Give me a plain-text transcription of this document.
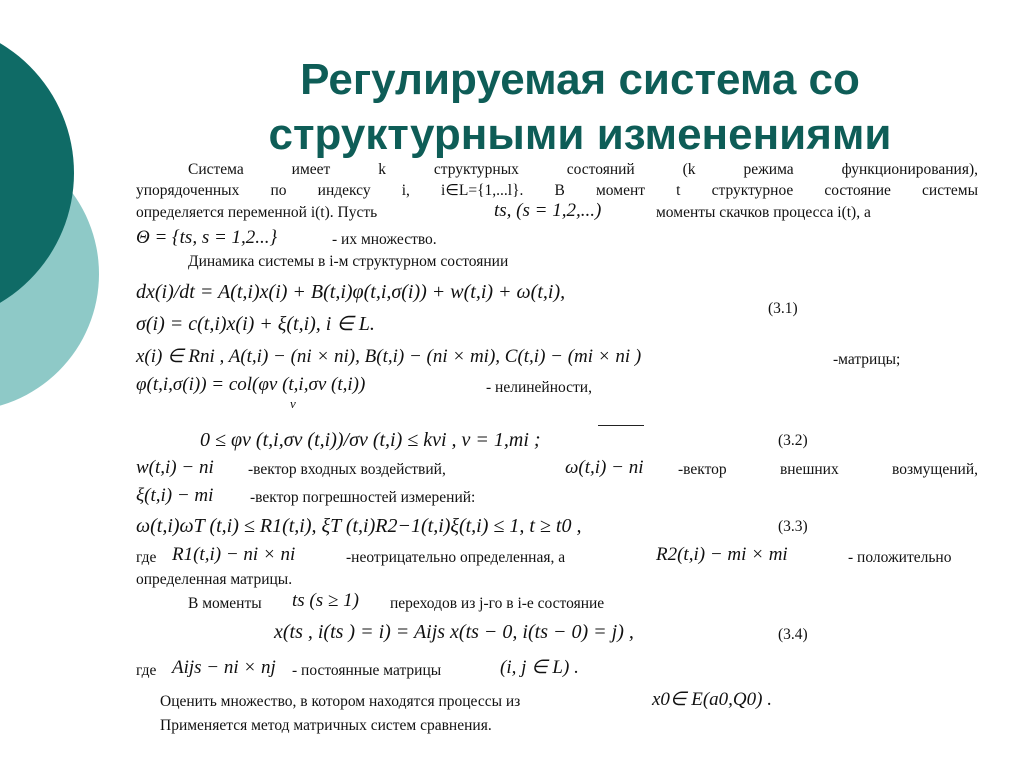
Регулируемая система со
структурными изменениями
Система имеет k структурных состояний (k режима функционирования),
упорядоченных по индексу i, i∈L={1,...l}. В момент t структурное состояние системы
определяется переменной i(t). Пусть	ts, (s = 1,2,...)	моменты скачков процесса i(t), а
Θ = {ts, s = 1,2...}	- их множество.
Динамика системы в i-м структурном состоянии
dx(i)/dt = A(t,i)x(i) + B(t,i)φ(t,i,σ(i)) + w(t,i) + ω(t,i),
σ(i) = c(t,i)x(i) + ξ(t,i), i ∈ L.
(3.1)
x(i) ∈ Rni , A(t,i) − (ni × ni), B(t,i) − (ni × mi), C(t,i) − (mi × ni )	-матрицы;
φ(t,i,σ(i)) = col(φν (t,i,σν (t,i))
ν
- нелинейности,
0 ≤ φν (t,i,σν (t,i))/σν (t,i) ≤ kνi , ν = 1,mi ;	(3.2)
w(t,i) − ni -вектор входных воздействий,	ω(t,i) − ni -вектор внешних возмущений,
ξ(t,i) − mi -вектор погрешностей измерений:
ω(t,i)ωT (t,i) ≤ R1(t,i), ξT (t,i)R2−1(t,i)ξ(t,i) ≤ 1, t ≥ t0 ,	(3.3)
где R1(t,i) − ni × ni	-неотрицательно определенная, а	R2(t,i) − mi × mi	- положительно
определенная матрицы.
В моменты ts (s ≥ 1) переходов из j-го в i-е состояние
x(ts , i(ts ) = i) = Aijs x(ts − 0, i(ts − 0) = j) ,	(3.4)
где Aijs − ni × nj - постоянные матрицы	(i, j ∈ L) .
Оценить множество, в котором находятся процессы из	x0∈ E(a0,Q0) .
Применяется метод матричных систем сравнения.
